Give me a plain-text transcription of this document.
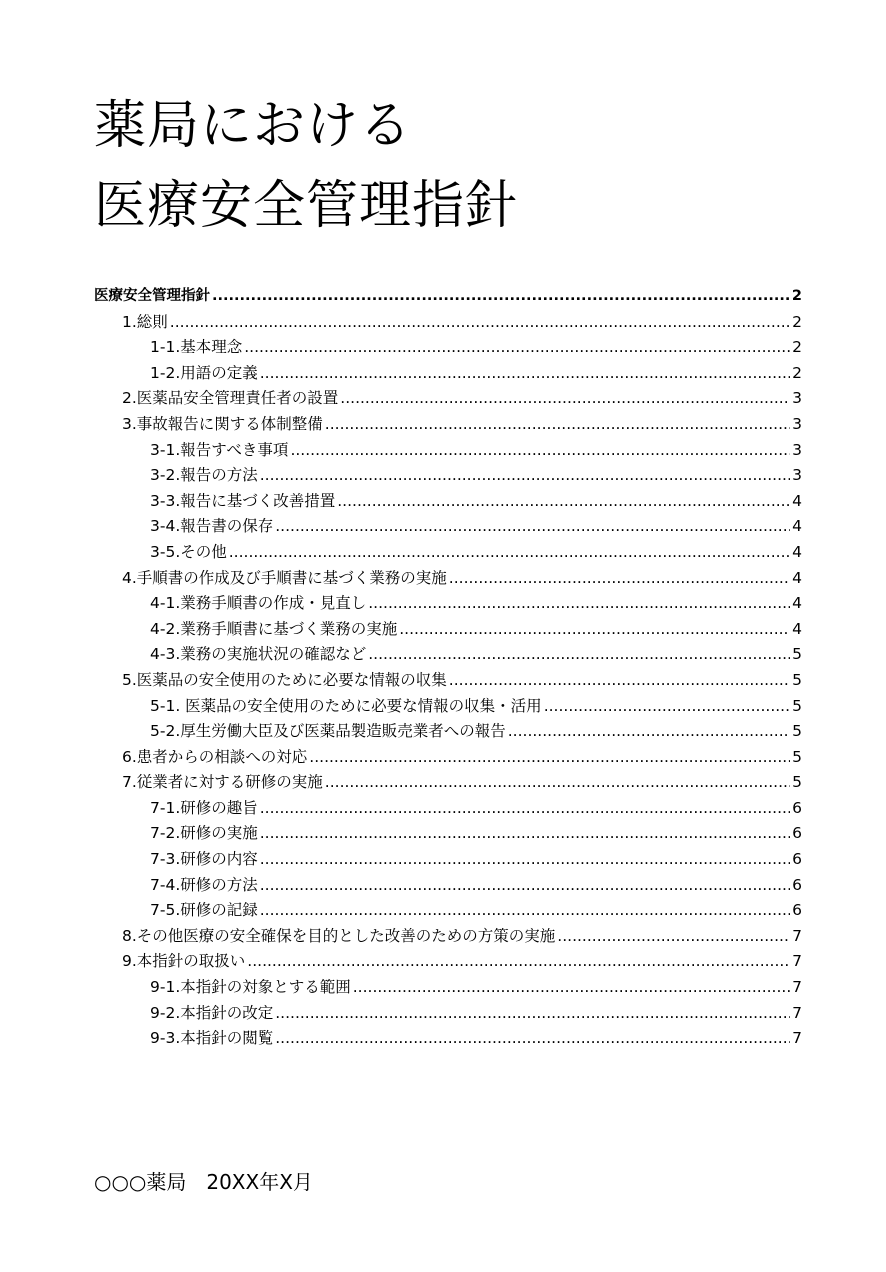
薬局における
医療安全管理指針
医療安全管理指針 .....	2
1.総則 .....	2
1-1.基本理念 .....	2
1-2.用語の定義 .....	2
2.医薬品安全管理責任者の設置 .....	3
3.事故報告に関する体制整備 .....	3
3-1.報告すべき事項 .....	3
3-2.報告の方法 .....	3
3-3.報告に基づく改善措置 .....	4
3-4.報告書の保存 .....	4
3-5.その他 .....	4
4.手順書の作成及び手順書に基づく業務の実施 .....	4
4-1.業務手順書の作成・見直し .....	4
4-2.業務手順書に基づく業務の実施 .....	4
4-3.業務の実施状況の確認など .....	5
5.医薬品の安全使用のために必要な情報の収集 .....	5
5-1. 医薬品の安全使用のために必要な情報の収集・活用 .....	5
5-2.厚生労働大臣及び医薬品製造販売業者への報告 .....	5
6.患者からの相談への対応 .....	5
7.従業者に対する研修の実施 .....	5
7-1.研修の趣旨 .....	6
7-2.研修の実施 .....	6
7-3.研修の内容 .....	6
7-4.研修の方法 .....	6
7-5.研修の記録 .....	6
8.その他医療の安全確保を目的とした改善のための方策の実施 .....	7
9.本指針の取扱い .....	7
9-1.本指針の対象とする範囲 .....	7
9-2.本指針の改定 .....	7
9-3.本指針の閲覧 .....	7
○○○薬局　20XX年X月
